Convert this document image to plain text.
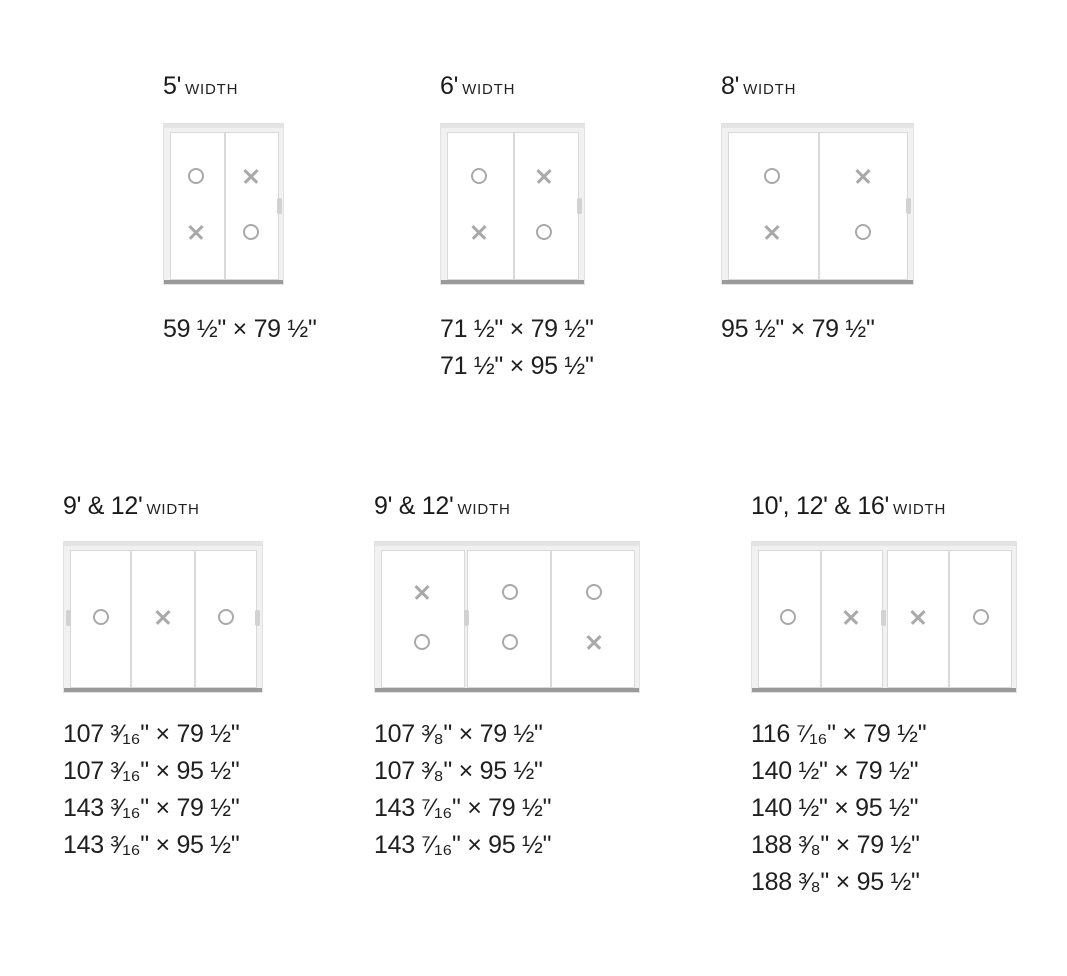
5' WIDTH
59 ½" × 79 ½"
6' WIDTH
71 ½" × 79 ½"
71 ½" × 95 ½"
8' WIDTH
95 ½" × 79 ½"
9' & 12' WIDTH
107 ³⁄₁₆" × 79 ½"
107 ³⁄₁₆" × 95 ½"
143 ³⁄₁₆" × 79 ½"
143 ³⁄₁₆" × 95 ½"
9' & 12' WIDTH
107 ³⁄₈" × 79 ½"
107 ³⁄₈" × 95 ½"
143 ⁷⁄₁₆" × 79 ½"
143 ⁷⁄₁₆" × 95 ½"
10', 12' & 16' WIDTH
116 ⁷⁄₁₆" × 79 ½"
140 ½" × 79 ½"
140 ½" × 95 ½"
188 ³⁄₈" × 79 ½"
188 ³⁄₈" × 95 ½"
